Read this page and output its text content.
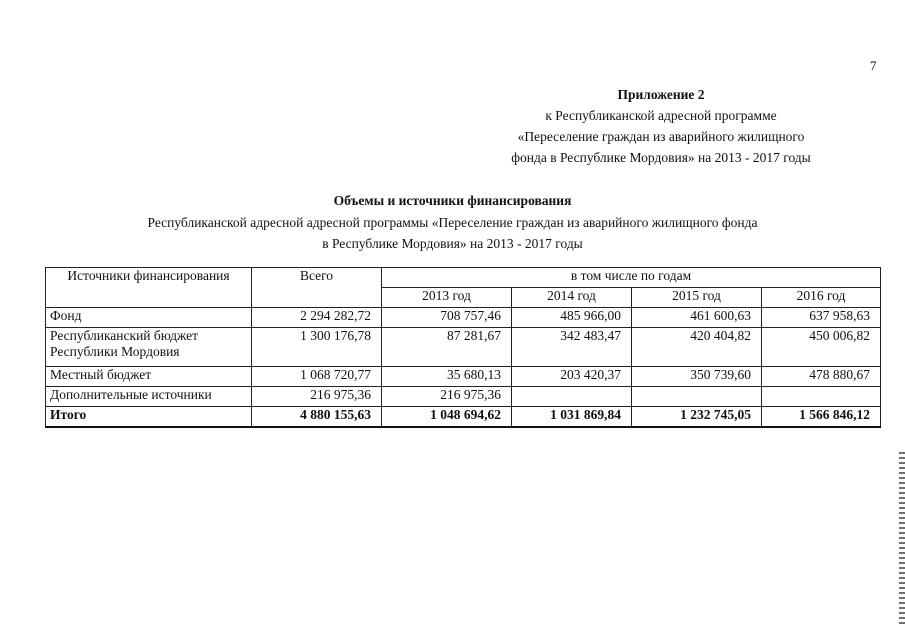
7
Приложение 2
к Республиканской адресной программе
«Переселение граждан из аварийного жилищного
фонда в Республике Мордовия» на 2013 - 2017 годы
Объемы и источники финансирования
Республиканской адресной адресной программы «Переселение граждан из аварийного жилищного фонда
в Республике Мордовия» на 2013 - 2017 годы
Источники финансирования	Всего	в том числе по годам			
		2013 год	2014 год	2015 год	2016 год
Фонд	2 294 282,72	708 757,46	485 966,00	461 600,63	637 958,63
Республиканский бюджет Республики Мордовия	1 300 176,78	87 281,67	342 483,47	420 404,82	450 006,82
Местный бюджет	1 068 720,77	35 680,13	203 420,37	350 739,60	478 880,67
Дополнительные источники	216 975,36	216 975,36			
Итого	4 880 155,63	1 048 694,62	1 031 869,84	1 232 745,05	1 566 846,12
